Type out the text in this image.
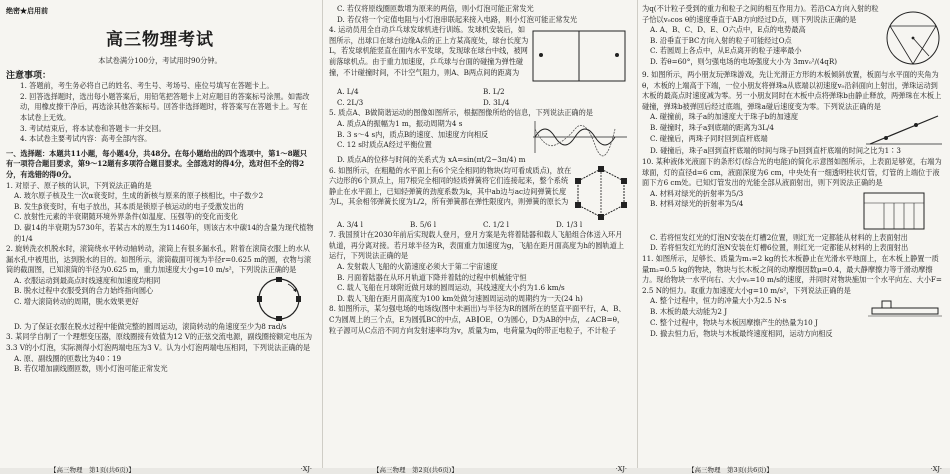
绝密★启用前

高三物理考试

本试卷满分100分，考试用时90分钟。

注意事项：

1. 答题前，考生务必将自己的姓名、考生号、考场号、座位号填写在答题卡上。

2. 回答选择题时，选出每小题答案后，用铅笔把答题卡上对应题目的答案标号涂黑。如需改动，用橡皮擦干净后，再选涂其他答案标号。回答非选择题时，将答案写在答题卡上。写在本试卷上无效。

3. 考试结束后，将本试卷和答题卡一并交回。

4. 本试卷主要考试内容：高考全部内容。

一、选择题：本题共11小题，每小题4分，共48分。在每小题给出的四个选项中，第1～8题只有一项符合题目要求，第9～12题有多项符合题目要求。全部选对的得4分，选对但不全的得2分，有选错的得0分。

1. 对原子、原子核的认识，下列说法正确的是

A. 玻尔原子核及生一次α衰变时，生成的新核与原来的原子核相比，中子数少2

B. 发生β衰变时，有电子放出，其本质是锁原子核运动的电子受激发出的

C. 放射性元素的半衰期随环境外界条件(如温度、压强等)的变化而变化

D. 碳14的半衰期为5730年，若某古木的原生为11460年，则该古木中碳14的含量为现代植物的1/4

2. 旋转洗衣机脱水时，滚筒绕水平转动轴转动，滚筒上有很多漏水孔，附着在滚筒衣服上的水从漏水孔中被甩出，达到脱水的目的。如图所示，滚筒截面可视为半径r=0.625 m的圆，衣物与滚筒的截面图，已知滚筒的半径为0.625 m，重力加速度大小g=10 m/s²，下列说法正确的是

A. 衣服运动到最高点时线速度和加速度均相同

B. 脱水过程中衣服受到的合力始终指向圆心

C. 增大滚筒转动的周期，脱水效果更好

D. 为了保证衣服在脱水过程中能做完整的圆周运动，滚筒转动的角速度至少为8 rad/s

3. 某同学自制了一个理想变压器，原线圈接有效值为12 V的正弦交流电源，副线圈接额定电压为3.3 V的小灯泡，实际测得小灯泡两端电压为3 V。认为小灯泡两端电压相同，下列说法正确的是

A. 原、副线圈的匝数比为40∶19

B. 若仅增加副线圈匝数，则小灯泡可能正常发光

【高三物理　第1页(共6页)】	·XJ·

C. 若仅将原线圈匝数增为原来的两倍，则小灯泡可能正常发光

D. 若仅将一个定值电阻与小灯泡串联起来接入电路，则小灯泡可能正常发光

4. 运动员用全自动乒乓球发球机进行训练。发球机安装后，如图所示，出球口在球台边缘A点的正上方某高度处，球台长度为L，若发球机能竖直在面内水平发球，发现球在球台中线，被网前落球机点。由于重力加速度，乒乓球与台面的碰撞为弹性碰撞，不计碰撞时间，不计空气阻力，则A、B两点间的距离为

A. L/4	B. L/2
C. 2L/3	D. 3L/4

5. 质点A、B做简谐运动的图像如图所示，根据图像所给的信息，下列说法正确的是

A. 质点A的振幅为1 m，振动周期为4 s

B. 3 s～4 s内，质点B的速度、加速度方向相反

C. 12 s时质点A经过平衡位置

D. 质点A的位移与时间的关系式为 xA=sin(πt/2−3π/4) m

6. 如图所示，在粗糙的水平面上有6个完全相同的物块(均可看成质点)，放在六边形的6个顶点上，用7根完全相同的轻质弹簧将它们连接起来，整个系统静止在水平面上，已知轻弹簧的劲度系数为k，其中ab边与ac边间弹簧长度为L，其余相邻弹簧长度为L/2，所有弹簧都在弹性限度内，则弹簧的原长为

A. 3/4 l	B. 5/6 l	C. 1/2 l	D. 1/3 l

7. 我国预计在2030年前后实现载人登月，登月方案是先将着陆器和载人飞船组合体送入环月轨道，再分离对接。若月球半径为R，表面重力加速度为g，飞船在距月面高度为h的圆轨道上运行，下列说法正确的是

A. 发射载人飞船的火箭速度必须大于第二宇宙速度

B. 月面着陆器在从环月轨道下降并着陆的过程中机械能守恒

C. 载人飞船在月球附近做月球的圆周运动，其线速度大小约为1.6 km/s

D. 载人飞船在距月面高度为100 km处做匀速圆周运动的周期约为一天(24 h)

8. 如图所示，某匀强电场的电场线(图中未画出)与半径为R的圆所在的竖直平面平行，A、B、C为圆周上的三个点，E为圆弧BC的中点，AB∥OE，O为圆心，D为AB的中点，∠ACB=θ，粒子源可从C点沿不同方向发射速率均为v，质量为m，电荷量为q的带正电粒子，不计粒子

【高三物理　第2页(共6页)】	·XJ·

为q(不计粒子受到的重力和粒子之间的相互作用力)。若沿CA方向入射的粒子恰以v₀cos θ的速度垂直于AB方向经过D点，则下列说法正确的是

A. A、B、C、D、E、O六点中，E点的电势最高

B. 沿垂直于BC方向入射的粒子可能经过O点

C. 若圆周上各点中，从E点离开的粒子速率最小

D. 若θ=60°，则匀强电场的电场强度大小为 3mv₀²/(4qR)

9. 如图所示，两小朋友玩弹珠游戏，先让光滑正方形的木板倾斜放置，板面与水平面的夹角为θ，木板的上端高于下端，一位小朋友将弹珠a从底端以初速度v₀沿斜面向上射出，弹珠运动到木板的最高点时速度减为零。另一小朋友同时在木板中点将弹珠b由静止释放，两弹珠在木板上碰撞，弹珠b被弹回后经过底端，弹珠a碰后速度变为零。下列说法正确的是

A. 碰撞前，珠子a的加速度大于珠子b的加速度

B. 碰撞时，珠子a到底端的距离为3L/4

C. 碰撞后，两珠子同时回到直杆底端

D. 碰撞后，珠子a回到直杆底端的时间与珠子b回到直杆底端的时间之比为1∶3

10. 某种液体光液面下的条形灯(综合光的电能)的简化示意图如图所示，上表面足够宽，右端为球面，灯的直径d=6 cm，液面深度为6 cm，中央处有一细透明柱状灯管，灯管的上端位于液面下方6 cm处。已知灯管发出的光能全部从液面射出，则下列说法正确的是

A. 材料对绿光的折射率为5/3

B. 材料对绿光的折射率为5/4

C. 若将恒发红光的灯泡N安装在灯槽2位置，则红光一定都能从材料的上表面射出

D. 若将恒发红光的灯泡N安装在灯槽6位置，则红光一定都能从材料的上表面射出

11. 如图所示，足够长、质量为m₁=2 kg的长木板静止在光滑水平地面上，在木板上静置一质量m₂=0.5 kg的物块，物块与长木板之间的动摩擦因数μ=0.4，最大静摩擦力等于滑动摩擦力。现给物块一水平向右、大小v₀=10 m/s的速度，并同时对物块施加一个水平向左、大小F=2.5 N的恒力。取重力加速度大小g=10 m/s²，下列说法正确的是

A. 整个过程中，恒力的冲量大小为2.5 N·s

B. 木板的最大动能为2 J

C. 整个过程中，物块与木板因摩擦产生的热量为10 J

D. 撤去恒力后，物块与木板最终速度相同，运动方向相反

【高三物理　第3页(共6页)】	·XJ·
